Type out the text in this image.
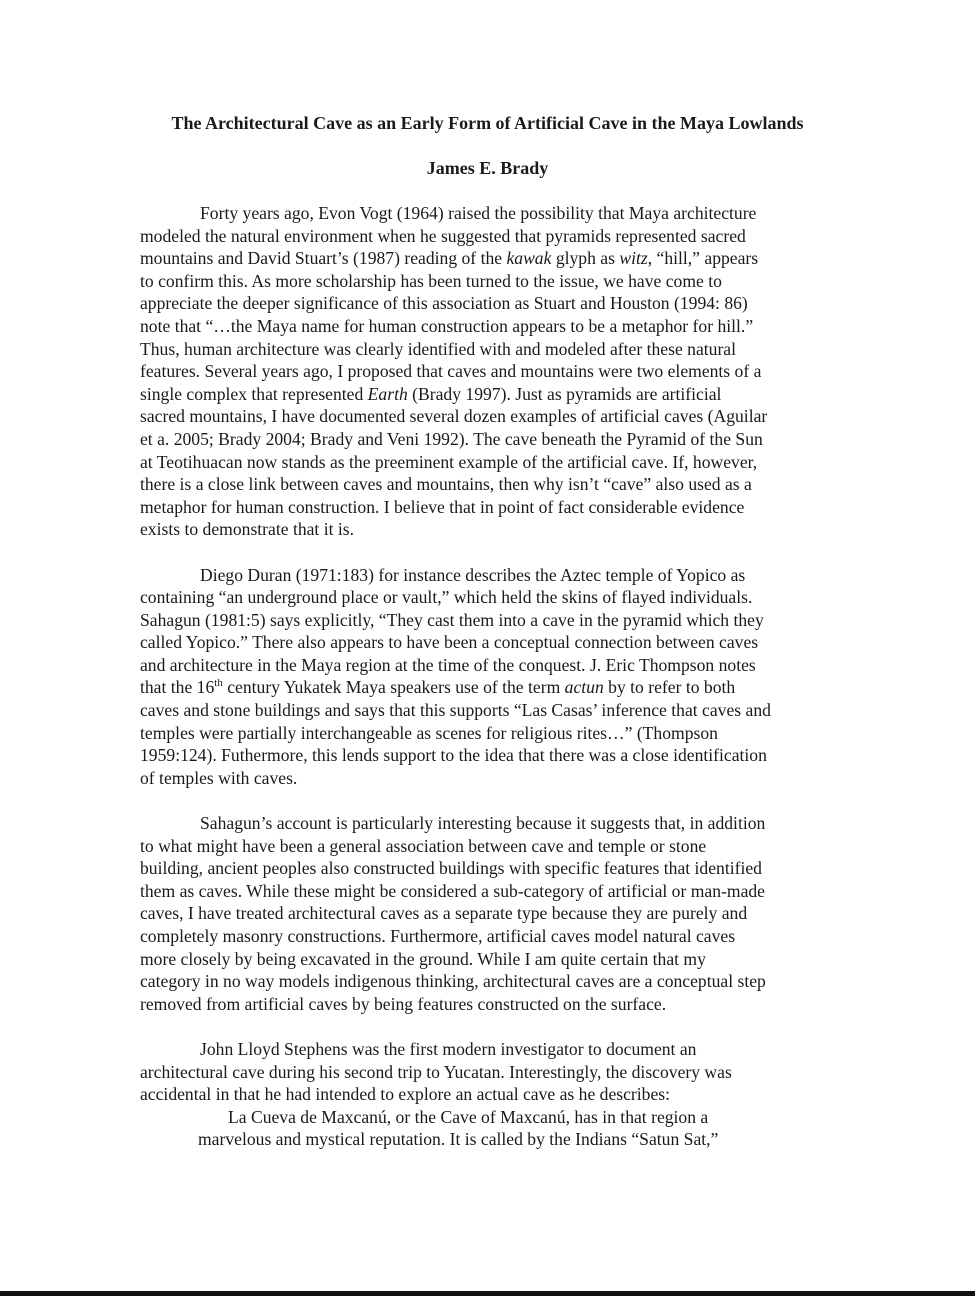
The Architectural Cave as an Early Form of Artificial Cave in the Maya Lowlands
James E. Brady

Forty years ago, Evon Vogt (1964) raised the possibility that Maya architecture
modeled the natural environment when he suggested that pyramids represented sacred
mountains and David Stuart’s (1987) reading of the kawak glyph as witz, “hill,” appears
to confirm this. As more scholarship has been turned to the issue, we have come to
appreciate the deeper significance of this association as Stuart and Houston (1994: 86)
note that “…the Maya name for human construction appears to be a metaphor for hill.”
Thus, human architecture was clearly identified with and modeled after these natural
features. Several years ago, I proposed that caves and mountains were two elements of a
single complex that represented Earth (Brady 1997). Just as pyramids are artificial
sacred mountains, I have documented several dozen examples of artificial caves (Aguilar
et a. 2005; Brady 2004; Brady and Veni 1992). The cave beneath the Pyramid of the Sun
at Teotihuacan now stands as the preeminent example of the artificial cave. If, however,
there is a close link between caves and mountains, then why isn’t “cave” also used as a
metaphor for human construction. I believe that in point of fact considerable evidence
exists to demonstrate that it is.

Diego Duran (1971:183) for instance describes the Aztec temple of Yopico as
containing “an underground place or vault,” which held the skins of flayed individuals.
Sahagun (1981:5) says explicitly, “They cast them into a cave in the pyramid which they
called Yopico.” There also appears to have been a conceptual connection between caves
and architecture in the Maya region at the time of the conquest. J. Eric Thompson notes
that the 16th century Yukatek Maya speakers use of the term actun by to refer to both
caves and stone buildings and says that this supports “Las Casas’ inference that caves and
temples were partially interchangeable as scenes for religious rites…” (Thompson
1959:124). Futhermore, this lends support to the idea that there was a close identification
of temples with caves.

Sahagun’s account is particularly interesting because it suggests that, in addition
to what might have been a general association between cave and temple or stone
building, ancient peoples also constructed buildings with specific features that identified
them as caves. While these might be considered a sub-category of artificial or man-made
caves, I have treated architectural caves as a separate type because they are purely and
completely masonry constructions. Furthermore, artificial caves model natural caves
more closely by being excavated in the ground. While I am quite certain that my
category in no way models indigenous thinking, architectural caves are a conceptual step
removed from artificial caves by being features constructed on the surface.

John Lloyd Stephens was the first modern investigator to document an
architectural cave during his second trip to Yucatan. Interestingly, the discovery was
accidental in that he had intended to explore an actual cave as he describes:

La Cueva de Maxcanú, or the Cave of Maxcanú, has in that region a
marvelous and mystical reputation. It is called by the Indians “Satun Sat,”
